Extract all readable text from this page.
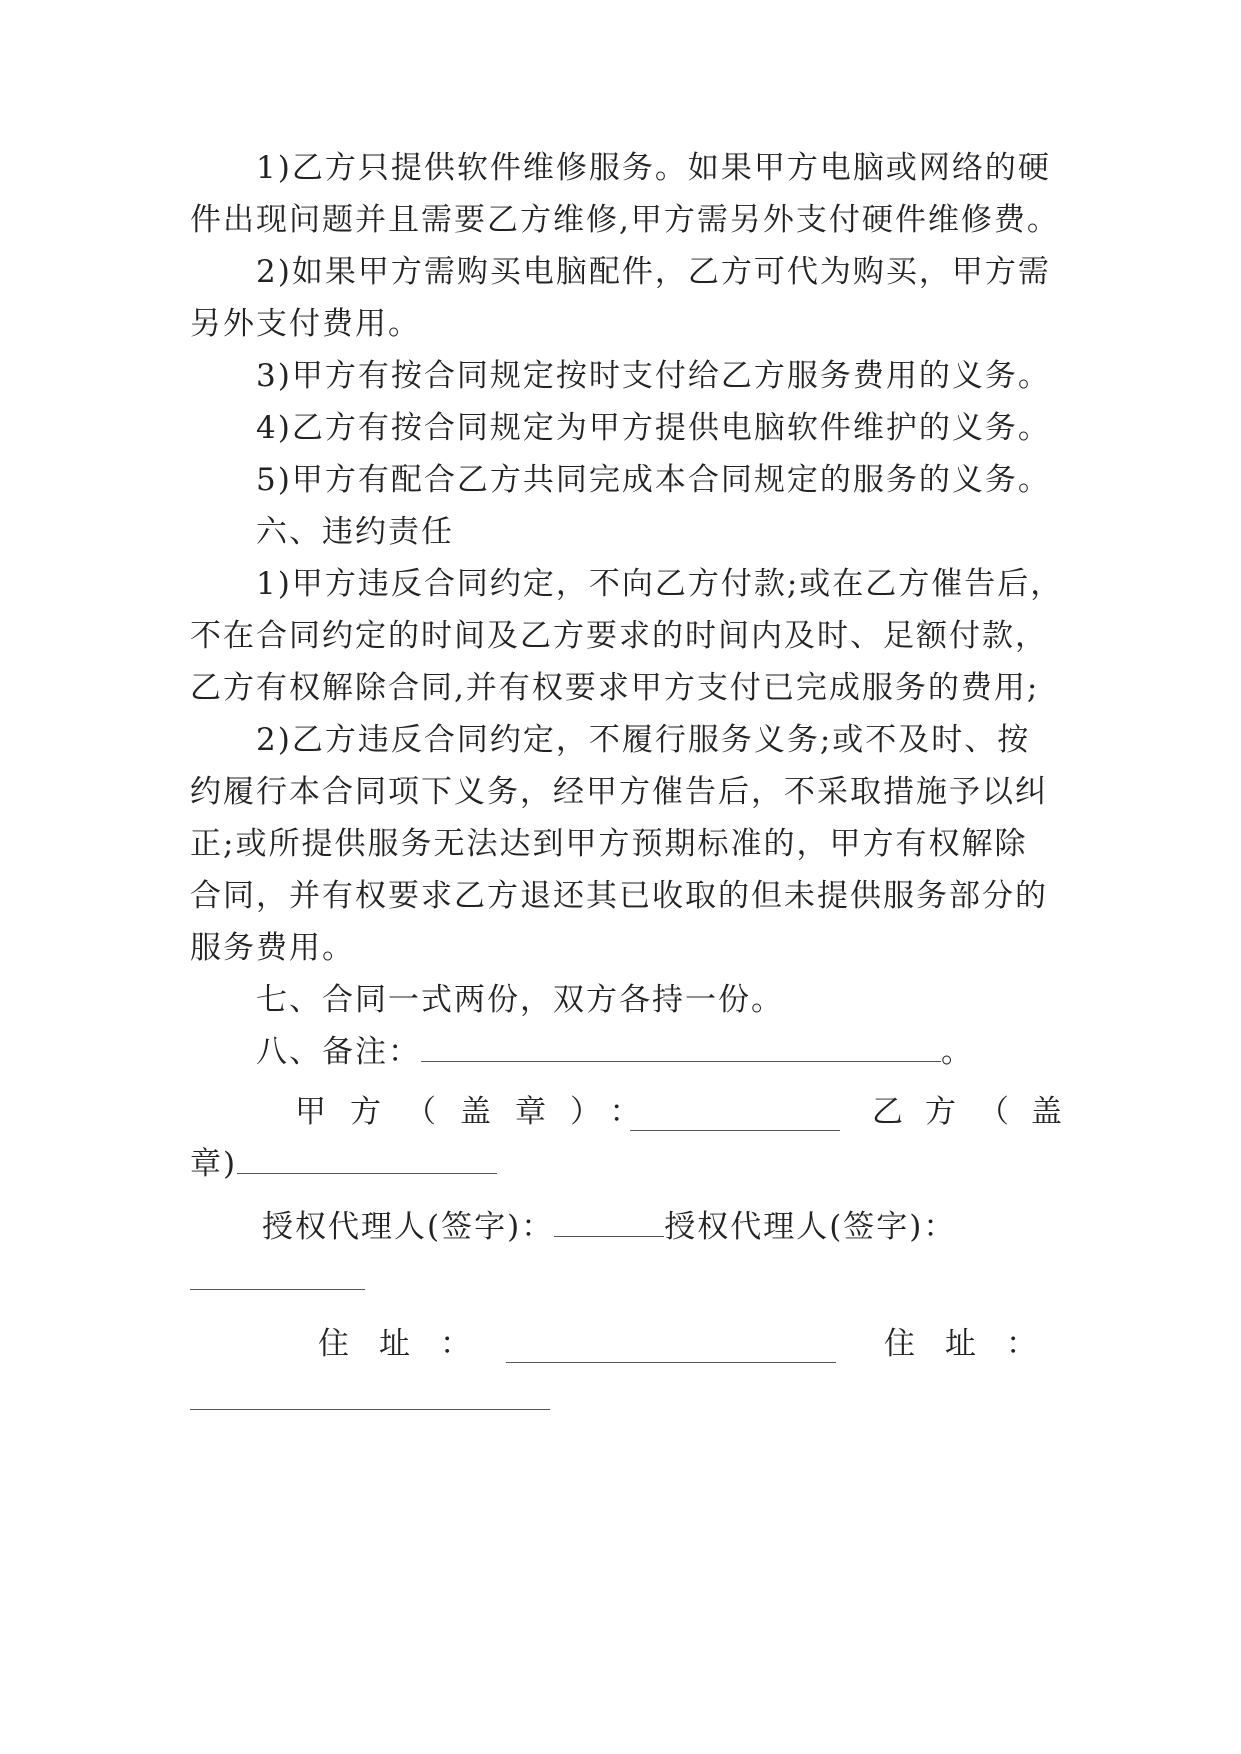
1)乙方只提供软件维修服务。如果甲方电脑或网络的硬
件出现问题并且需要乙方维修,甲方需另外支付硬件维修费。
2)如果甲方需购买电脑配件，乙方可代为购买，甲方需
另外支付费用。
3)甲方有按合同规定按时支付给乙方服务费用的义务。
4)乙方有按合同规定为甲方提供电脑软件维护的义务。
5)甲方有配合乙方共同完成本合同规定的服务的义务。
六、违约责任
1)甲方违反合同约定，不向乙方付款;或在乙方催告后，
不在合同约定的时间及乙方要求的时间内及时、足额付款，
乙方有权解除合同,并有权要求甲方支付已完成服务的费用;
2)乙方违反合同约定，不履行服务义务;或不及时、按
约履行本合同项下义务，经甲方催告后，不采取措施予以纠
正;或所提供服务无法达到甲方预期标准的，甲方有权解除
合同，并有权要求乙方退还其已收取的但未提供服务部分的
服务费用。
七、合同一式两份，双方各持一份。
八、备注：	。
甲方（盖章）：	乙方（盖
章)
授权代理人(签字)：	授权代理人(签字)：
住址：	住址：
